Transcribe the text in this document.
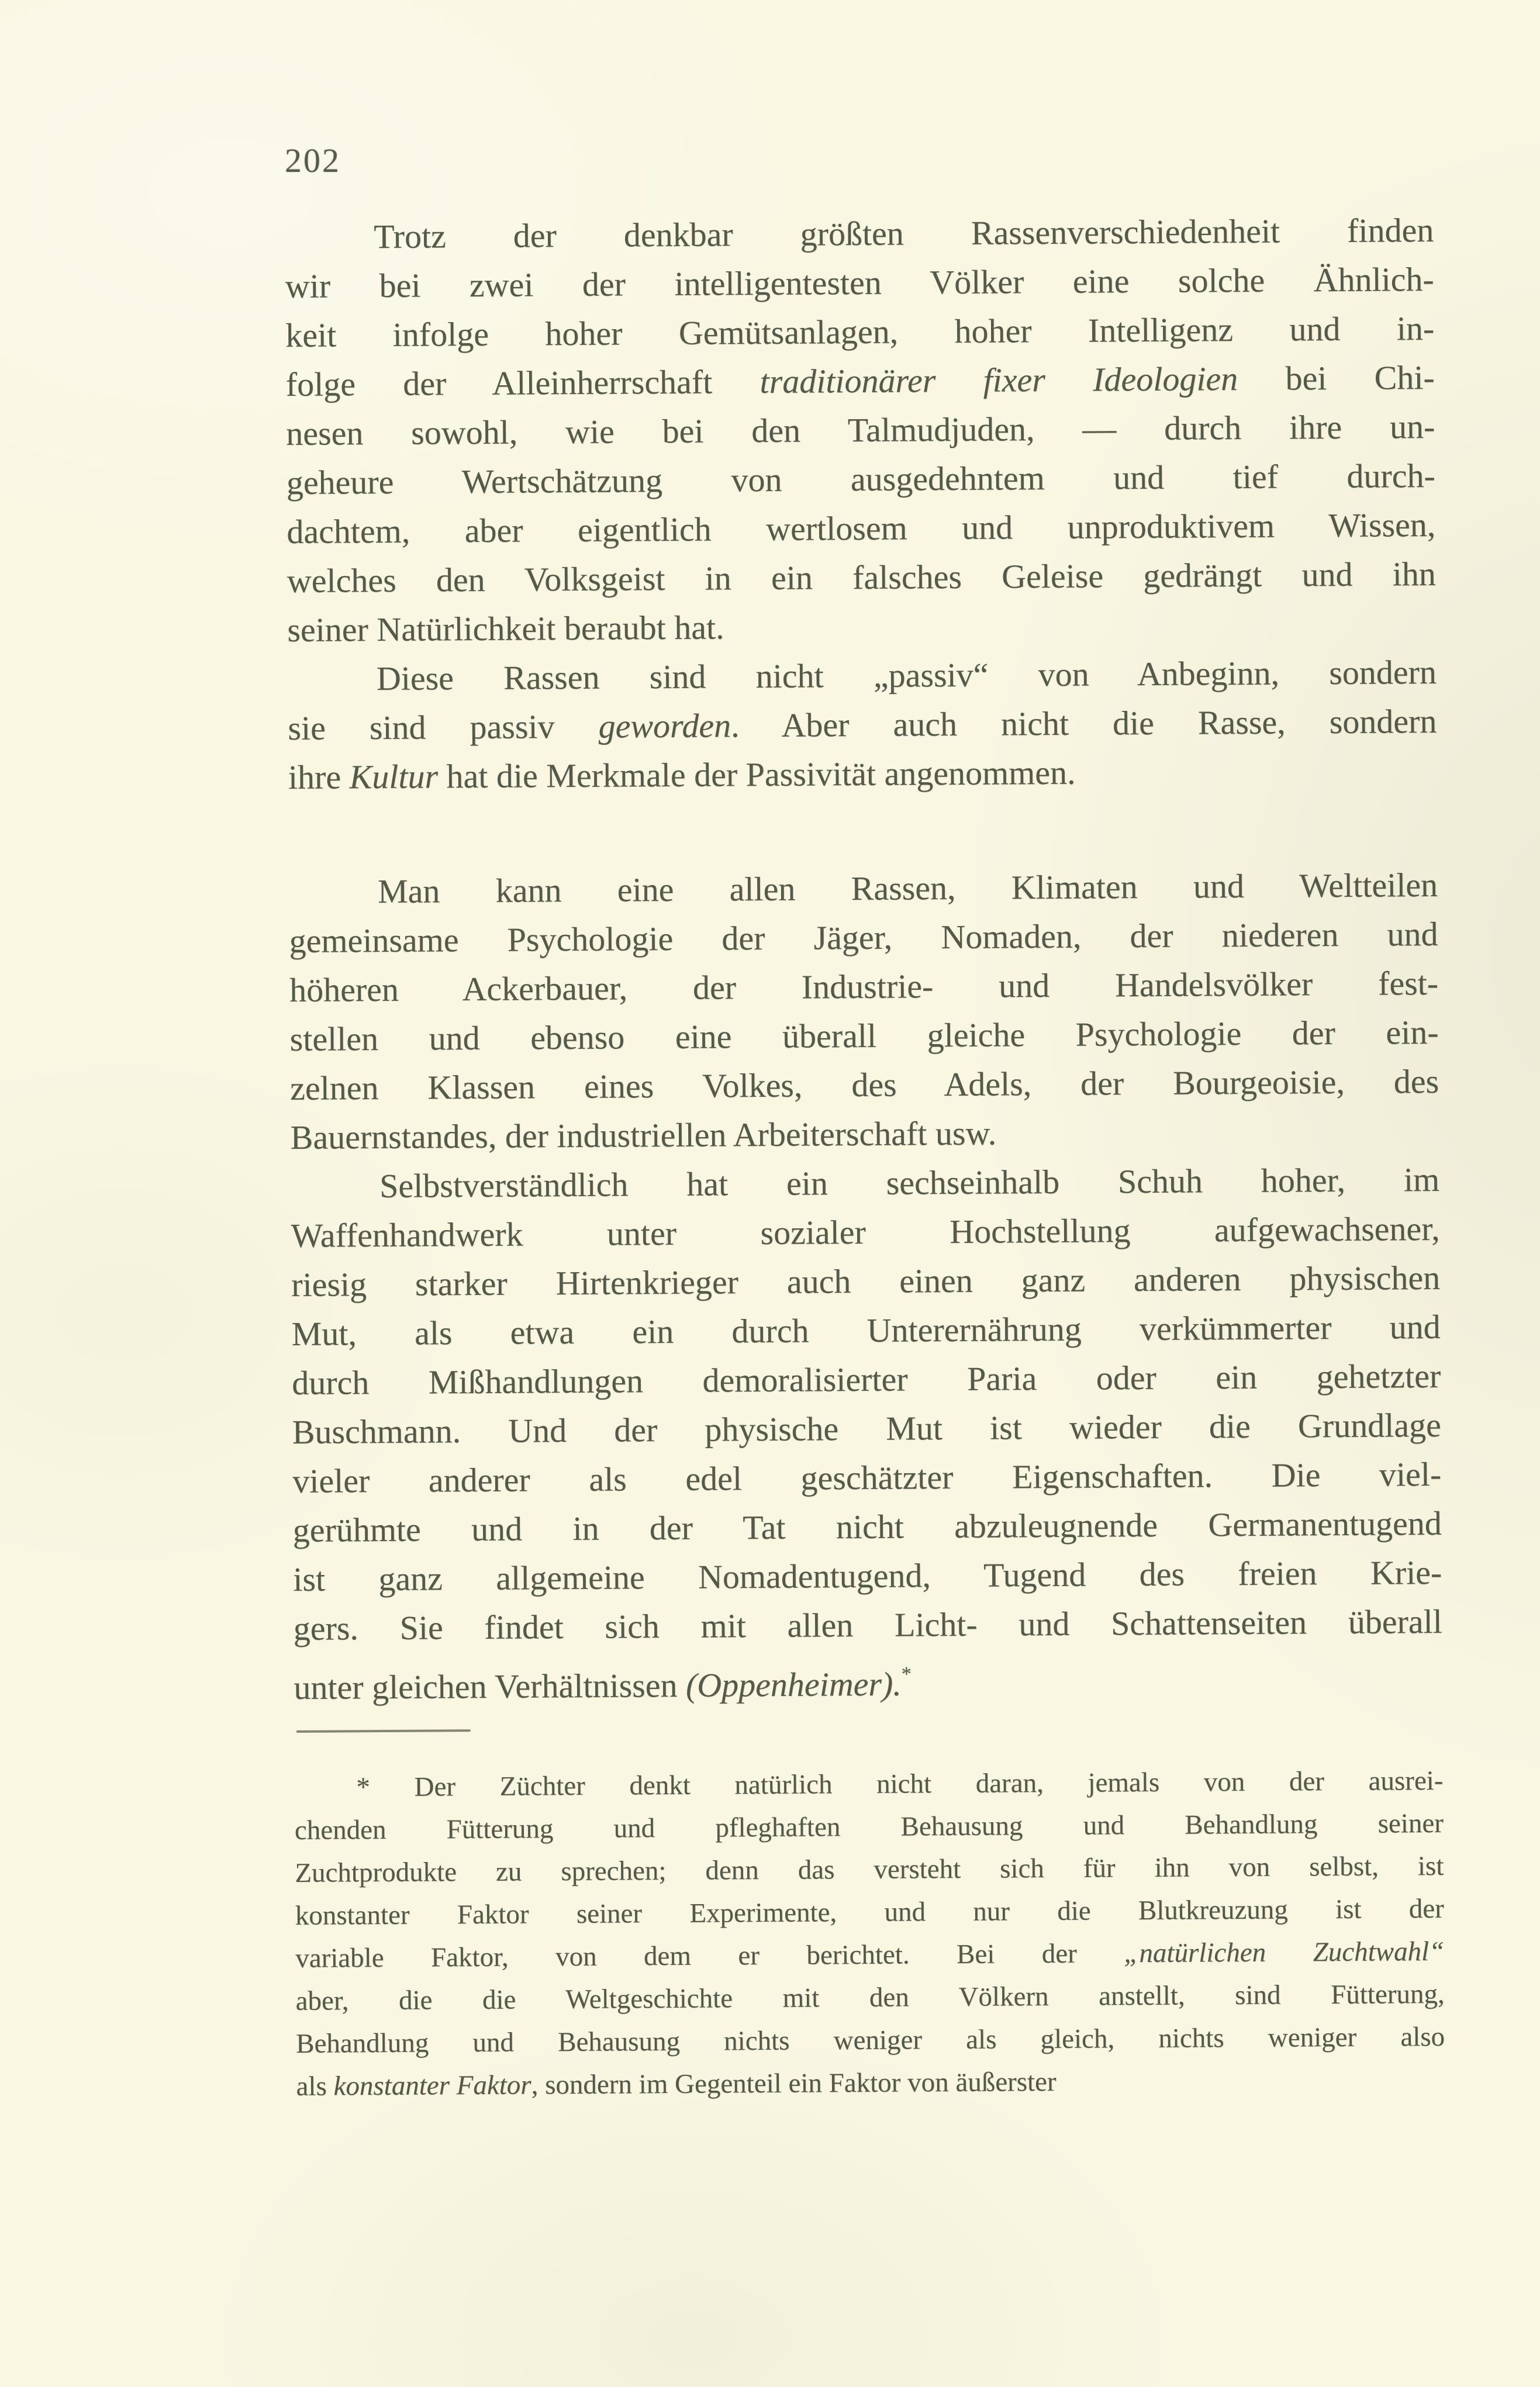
202
Trotz der denkbar größten Rassenverschiedenheit finden
wir bei zwei der intelligentesten Völker eine solche Ähnlich-
keit infolge hoher Gemütsanlagen, hoher Intelligenz und in-
folge der Alleinherrschaft traditionärer fixer Ideologien bei Chi-
nesen sowohl, wie bei den Talmudjuden, — durch ihre un-
geheure Wertschätzung von ausgedehntem und tief durch-
dachtem, aber eigentlich wertlosem und unproduktivem Wissen,
welches den Volksgeist in ein falsches Geleise gedrängt und ihn
seiner Natürlichkeit beraubt hat.
Diese Rassen sind nicht „passiv“ von Anbeginn, sondern
sie sind passiv geworden. Aber auch nicht die Rasse, sondern
ihre Kultur hat die Merkmale der Passivität angenommen.
Man kann eine allen Rassen, Klimaten und Weltteilen
gemeinsame Psychologie der Jäger, Nomaden, der niederen und
höheren Ackerbauer, der Industrie- und Handelsvölker fest-
stellen und ebenso eine überall gleiche Psychologie der ein-
zelnen Klassen eines Volkes, des Adels, der Bourgeoisie, des
Bauernstandes, der industriellen Arbeiterschaft usw.
Selbstverständlich hat ein sechseinhalb Schuh hoher, im
Waffenhandwerk unter sozialer Hochstellung aufgewachsener,
riesig starker Hirtenkrieger auch einen ganz anderen physischen
Mut, als etwa ein durch Unterernährung verkümmerter und
durch Mißhandlungen demoralisierter Paria oder ein gehetzter
Buschmann. Und der physische Mut ist wieder die Grundlage
vieler anderer als edel geschätzter Eigenschaften. Die viel-
gerühmte und in der Tat nicht abzuleugnende Germanentugend
ist ganz allgemeine Nomadentugend, Tugend des freien Krie-
gers. Sie findet sich mit allen Licht- und Schattenseiten überall
unter gleichen Verhältnissen (Oppenheimer).*
* Der Züchter denkt natürlich nicht daran, jemals von der ausrei-
chenden Fütterung und pfleghaften Behausung und Behandlung seiner
Zuchtprodukte zu sprechen; denn das versteht sich für ihn von selbst, ist
konstanter Faktor seiner Experimente, und nur die Blutkreuzung ist der
variable Faktor, von dem er berichtet. Bei der „natürlichen Zuchtwahl“
aber, die die Weltgeschichte mit den Völkern anstellt, sind Fütterung,
Behandlung und Behausung nichts weniger als gleich, nichts weniger also
als konstanter Faktor, sondern im Gegenteil ein Faktor von äußerster
